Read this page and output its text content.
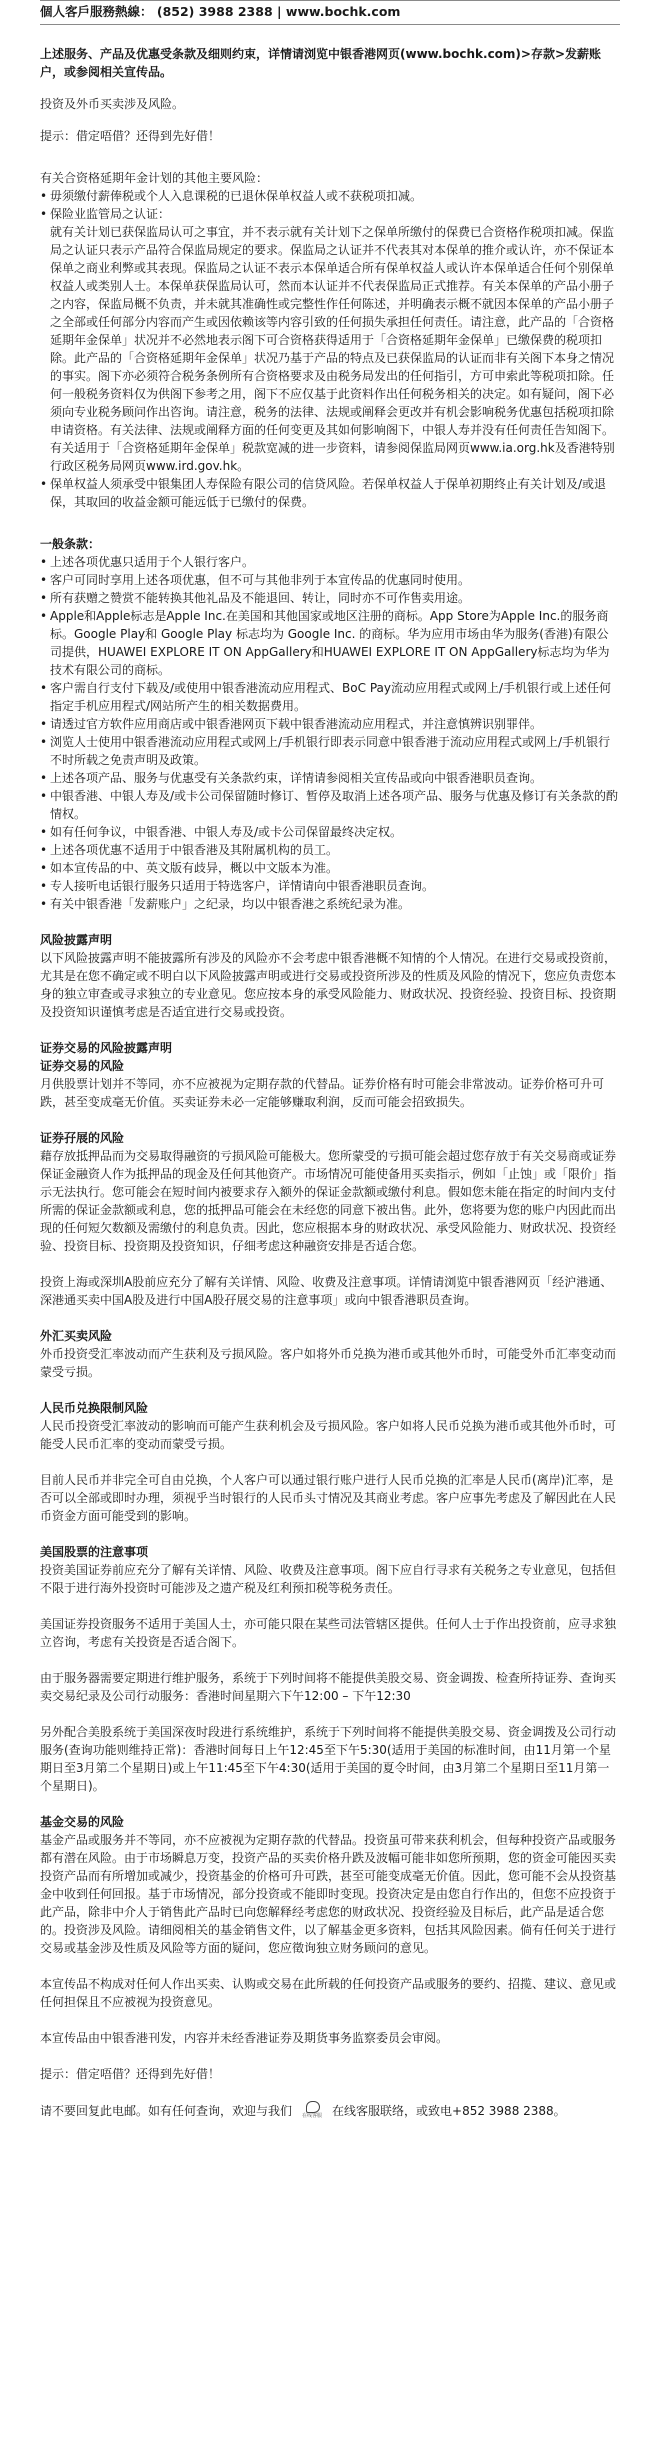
個人客戶服務熱線： (852) 3988 2388 | www.bochk.com

上述服务、产品及优惠受条款及细则约束，详情请浏览中银香港网页(www.bochk.com)>存款>发薪账户，或参阅相关宣传品。

投资及外币买卖涉及风险。

提示：借定唔借？还得到先好借！

有关合资格延期年金计划的其他主要风险：

• 毋须缴付薪俸税或个人入息课税的已退休保单权益人或不获税项扣减。
• 保险业监管局之认证：
就有关计划已获保监局认可之事宜，并不表示就有关计划下之保单所缴付的保费已合资格作税项扣减。保监局之认证只表示产品符合保监局规定的要求。保监局之认证并不代表其对本保单的推介或认许，亦不保证本保单之商业利弊或其表现。保监局之认证不表示本保单适合所有保单权益人或认许本保单适合任何个别保单权益人或类别人士。本保单获保监局认可，然而本认证并不代表保监局正式推荐。有关本保单的产品小册子之内容，保监局概不负责，并未就其准确性或完整性作任何陈述，并明确表示概不就因本保单的产品小册子之全部或任何部分内容而产生或因依赖该等内容引致的任何损失承担任何责任。请注意，此产品的「合资格延期年金保单」状况并不必然地表示阁下可合资格获得适用于「合资格延期年金保单」已缴保费的税项扣除。此产品的「合资格延期年金保单」状况乃基于产品的特点及已获保监局的认证而非有关阁下本身之情况的事实。阁下亦必须符合税务条例所有合资格要求及由税务局发出的任何指引，方可申索此等税项扣除。任何一般税务资料仅为供阁下参考之用，阁下不应仅基于此资料作出任何税务相关的决定。如有疑问，阁下必须向专业税务顾问作出咨询。请注意，税务的法律、法规或阐释会更改并有机会影响税务优惠包括税项扣除申请资格。有关法律、法规或阐释方面的任何变更及其如何影响阁下，中银人寿并没有任何责任告知阁下。有关适用于「合资格延期年金保单」税款宽减的进一步资料，请参阅保监局网页www.ia.org.hk及香港特别行政区税务局网页www.ird.gov.hk。
• 保单权益人须承受中银集团人寿保险有限公司的信贷风险。若保单权益人于保单初期终止有关计划及/或退保，其取回的收益金额可能远低于已缴付的保费。
一般条款：
• 上述各项优惠只适用于个人银行客户。
• 客户可同时享用上述各项优惠，但不可与其他非列于本宣传品的优惠同时使用。
• 所有获赠之赞赏不能转换其他礼品及不能退回、转让，同时亦不可作售卖用途。
• Apple和Apple标志是Apple Inc.在美国和其他国家或地区注册的商标。App Store为Apple Inc.的服务商标。Google Play和 Google Play 标志均为 Google Inc. 的商标。华为应用市场由华为服务(香港)有限公司提供，HUAWEI EXPLORE IT ON AppGallery和HUAWEI EXPLORE IT ON AppGallery标志均为华为技术有限公司的商标。
• 客户需自行支付下载及/或使用中银香港流动应用程式、BoC Pay流动应用程式或网上/手机银行或上述任何指定手机应用程式/网站所产生的相关数据费用。
• 请透过官方软件应用商店或中银香港网页下载中银香港流动应用程式，并注意慎辨识别罪伴。
• 浏览人士使用中银香港流动应用程式或网上/手机银行即表示同意中银香港于流动应用程式或网上/手机银行不时所载之免责声明及政策。
• 上述各项产品、服务与优惠受有关条款约束，详情请参阅相关宣传品或向中银香港职员查询。
• 中银香港、中银人寿及/或卡公司保留随时修订、暂停及取消上述各项产品、服务与优惠及修订有关条款的酌情权。
• 如有任何争议，中银香港、中银人寿及/或卡公司保留最终决定权。
• 上述各项优惠不适用于中银香港及其附属机构的员工。
• 如本宣传品的中、英文版有歧异，概以中文版本为准。
• 专人接听电话银行服务只适用于特选客户，详情请向中银香港职员查询。
• 有关中银香港「发薪账户」之纪录，均以中银香港之系统纪录为准。
风险披露声明

以下风险披露声明不能披露所有涉及的风险亦不会考虑中银香港概不知情的个人情况。在进行交易或投资前，尤其是在您不确定或不明白以下风险披露声明或进行交易或投资所涉及的性质及风险的情况下，您应负责您本身的独立审查或寻求独立的专业意见。您应按本身的承受风险能力、财政状况、投资经验、投资目标、投资期及投资知识谨慎考虑是否适宜进行交易或投资。

证券交易的风险披露声明
证券交易的风险

月供股票计划并不等同，亦不应被视为定期存款的代替品。证券价格有时可能会非常波动。证券价格可升可跌，甚至变成毫无价值。买卖证券未必一定能够赚取利润，反而可能会招致损失。

证券孖展的风险

藉存放抵押品而为交易取得融资的亏损风险可能极大。您所蒙受的亏损可能会超过您存放于有关交易商或证券保证金融资人作为抵押品的现金及任何其他资产。市场情况可能使备用买卖指示，例如「止蚀」或「限价」指示无法执行。您可能会在短时间内被要求存入额外的保证金款额或缴付利息。假如您未能在指定的时间内支付所需的保证金款额或利息，您的抵押品可能会在未经您的同意下被出售。此外，您将要为您的账户内因此而出现的任何短欠数额及需缴付的利息负责。因此，您应根据本身的财政状况、承受风险能力、财政状况、投资经验、投资目标、投资期及投资知识，仔细考虑这种融资安排是否适合您。

投资上海或深圳A股前应充分了解有关详情、风险、收费及注意事项。详情请浏览中银香港网页「经沪港通、深港通买卖中国A股及进行中国A股孖展交易的注意事项」或向中银香港职员查询。

外汇买卖风险

外币投资受汇率波动而产生获利及亏损风险。客户如将外币兑换为港币或其他外币时，可能受外币汇率变动而蒙受亏损。

人民币兑换限制风险

人民币投资受汇率波动的影响而可能产生获利机会及亏损风险。客户如将人民币兑换为港币或其他外币时，可能受人民币汇率的变动而蒙受亏损。

目前人民币并非完全可自由兑换，个人客户可以通过银行账户进行人民币兑换的汇率是人民币(离岸)汇率，是否可以全部或即时办理，须视乎当时银行的人民币头寸情况及其商业考虑。客户应事先考虑及了解因此在人民币资金方面可能受到的影响。

美国股票的注意事项

投资美国证券前应充分了解有关详情、风险、收费及注意事项。阁下应自行寻求有关税务之专业意见，包括但不限于进行海外投资时可能涉及之遗产税及红利预扣税等税务责任。

美国证券投资服务不适用于美国人士，亦可能只限在某些司法管辖区提供。任何人士于作出投资前，应寻求独立咨询，考虑有关投资是否适合阁下。

由于服务器需要定期进行维护服务，系统于下列时间将不能提供美股交易、资金调拨、检查所持证券、查询买卖交易纪录及公司行动服务：香港时间星期六下午12:00 – 下午12:30

另外配合美股系统于美国深夜时段进行系统维护，系统于下列时间将不能提供美股交易、资金调拨及公司行动服务(查询功能则维持正常)：香港时间每日上午12:45至下午5:30(适用于美国的标准时间，由11月第一个星期日至3月第二个星期日)或上午11:45至下午4:30(适用于美国的夏令时间，由3月第二个星期日至11月第一个星期日)。

基金交易的风险

基金产品或服务并不等同，亦不应被视为定期存款的代替品。投资虽可带来获利机会，但每种投资产品或服务都有潜在风险。由于市场瞬息万变，投资产品的买卖价格升跌及波幅可能非如您所预期，您的资金可能因买卖投资产品而有所增加或减少，投资基金的价格可升可跌，甚至可能变成毫无价值。因此，您可能不会从投资基金中收到任何回报。基于市场情况，部分投资或不能即时变现。投资决定是由您自行作出的，但您不应投资于此产品，除非中介人于销售此产品时已向您解释经考虑您的财政状况、投资经验及目标后，此产品是适合您的。投资涉及风险。请细阅相关的基金销售文件，以了解基金更多资料，包括其风险因素。倘有任何关于进行交易或基金涉及性质及风险等方面的疑问，您应徵询独立财务顾问的意见。

本宣传品不构成对任何人作出买卖、认购或交易在此所载的任何投资产品或服务的要约、招揽、建议、意见或任何担保且不应被视为投资意见。

本宣传品由中银香港刊发，内容并未经香港证券及期货事务监察委员会审阅。

提示：借定唔借？还得到先好借！

请不要回复此电邮。如有任何查询，欢迎与我们	在线客服 在线客服联络，或致电+852 3988 2388。
